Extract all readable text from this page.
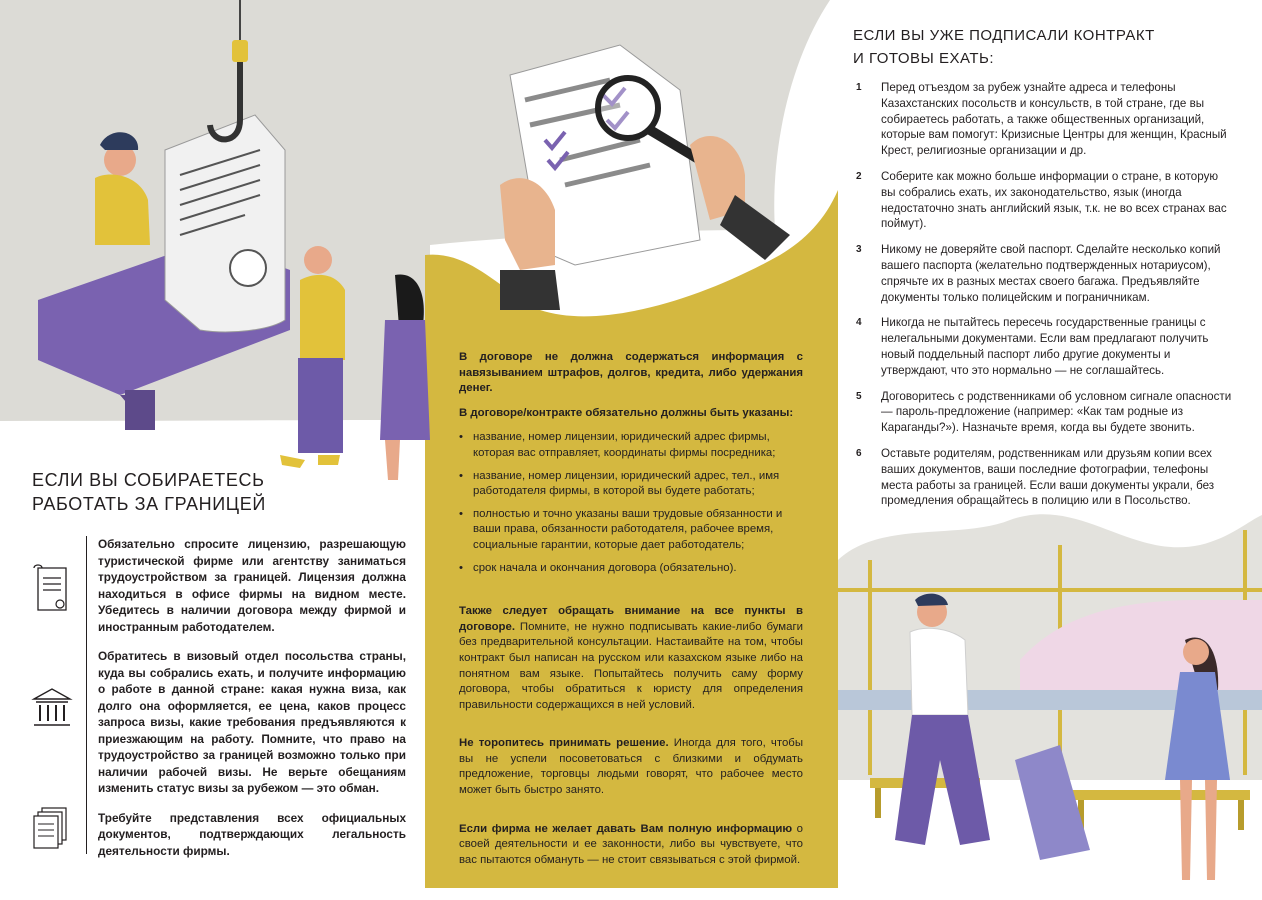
ЕСЛИ ВЫ УЖЕ ПОДПИСАЛИ КОНТРАКТ
И ГОТОВЫ ЕХАТЬ:
1 Перед отъездом за рубеж узнайте адреса и телефоны Казахстанских посольств и консульств, в той стране, где вы собираетесь работать, а также общественных организаций, которые вам помогут: Кризисные Центры для женщин, Красный Крест, религиозные организации и др.
2 Соберите как можно больше информации о стране, в которую вы собрались ехать, их законодательство, язык (иногда недостаточно знать английский язык, т.к. не во всех странах вас поймут).
3 Никому не доверяйте свой паспорт. Сделайте несколько копий вашего паспорта (желательно подтвержденных нотариусом), спрячьте их в разных местах своего багажа. Предъявляйте документы только полицейским и пограничникам.
4 Никогда не пытайтесь пересечь государственные границы с нелегальными документами. Если вам предлагают получить новый поддельный паспорт либо другие документы и утверждают, что это нормально — не соглашайтесь.
5 Договоритесь с родственниками об условном сигнале опасности — пароль-предложение (например: «Как там родные из Караганды?»). Назначьте время, когда вы будете звонить.
6 Оставьте родителям, родственникам или друзьям копии всех ваших документов, ваши последние фотографии, телефоны места работы за границей. Если ваши документы украли, без промедления обращайтесь в полицию или в Посольство.

В договоре не должна содержаться информация с навязыванием штрафов, долгов, кредита, либо удержания денег.

В договоре/контракте обязательно должны быть указаны:

• название, номер лицензии, юридический адрес фирмы, которая вас отправляет, координаты фирмы посредника;
• название, номер лицензии, юридический адрес, тел., имя работодателя фирмы, в которой вы будете работать;
• полностью и точно указаны ваши трудовые обязанности и ваши права, обязанности работодателя, рабочее время, социальные гарантии, которые дает работодатель;
• срок начала и окончания договора (обязательно).

Также следует обращать внимание на все пункты в договоре. Помните, не нужно подписывать какие-либо бумаги без предварительной консультации. Настаивайте на том, чтобы контракт был написан на русском или казахском языке либо на понятном вам языке. Попытайтесь получить саму форму договора, чтобы обратиться к юристу для определения правильности содержащихся в ней условий.

Не торопитесь принимать решение. Иногда для того, чтобы вы не успели посоветоваться с близкими и обдумать предложение, торговцы людьми говорят, что рабочее место может быть быстро занято.

Если фирма не желает давать Вам полную информацию о своей деятельности и ее законности, либо вы чувствуете, что вас пытаются обмануть — не стоит связываться с этой фирмой.

ЕСЛИ ВЫ СОБИРАЕТЕСЬ
РАБОТАТЬ ЗА ГРАНИЦЕЙ

Обязательно спросите лицензию, разрешающую туристической фирме или агентству заниматься трудоустройством за границей. Лицензия должна находиться в офисе фирмы на видном месте. Убедитесь в наличии договора между фирмой и иностранным работодателем.

Обратитесь в визовый отдел посольства страны, куда вы собрались ехать, и получите информацию о работе в данной стране: какая нужна виза, как долго она оформляется, ее цена, каков процесс запроса визы, какие требования предъявляются к приезжающим на работу. Помните, что право на трудоустройство за границей возможно только при наличии рабочей визы. Не верьте обещаниям изменить статус визы за рубежом — это обман.

Требуйте представления всех официальных документов, подтверждающих легальность деятельности фирмы.
